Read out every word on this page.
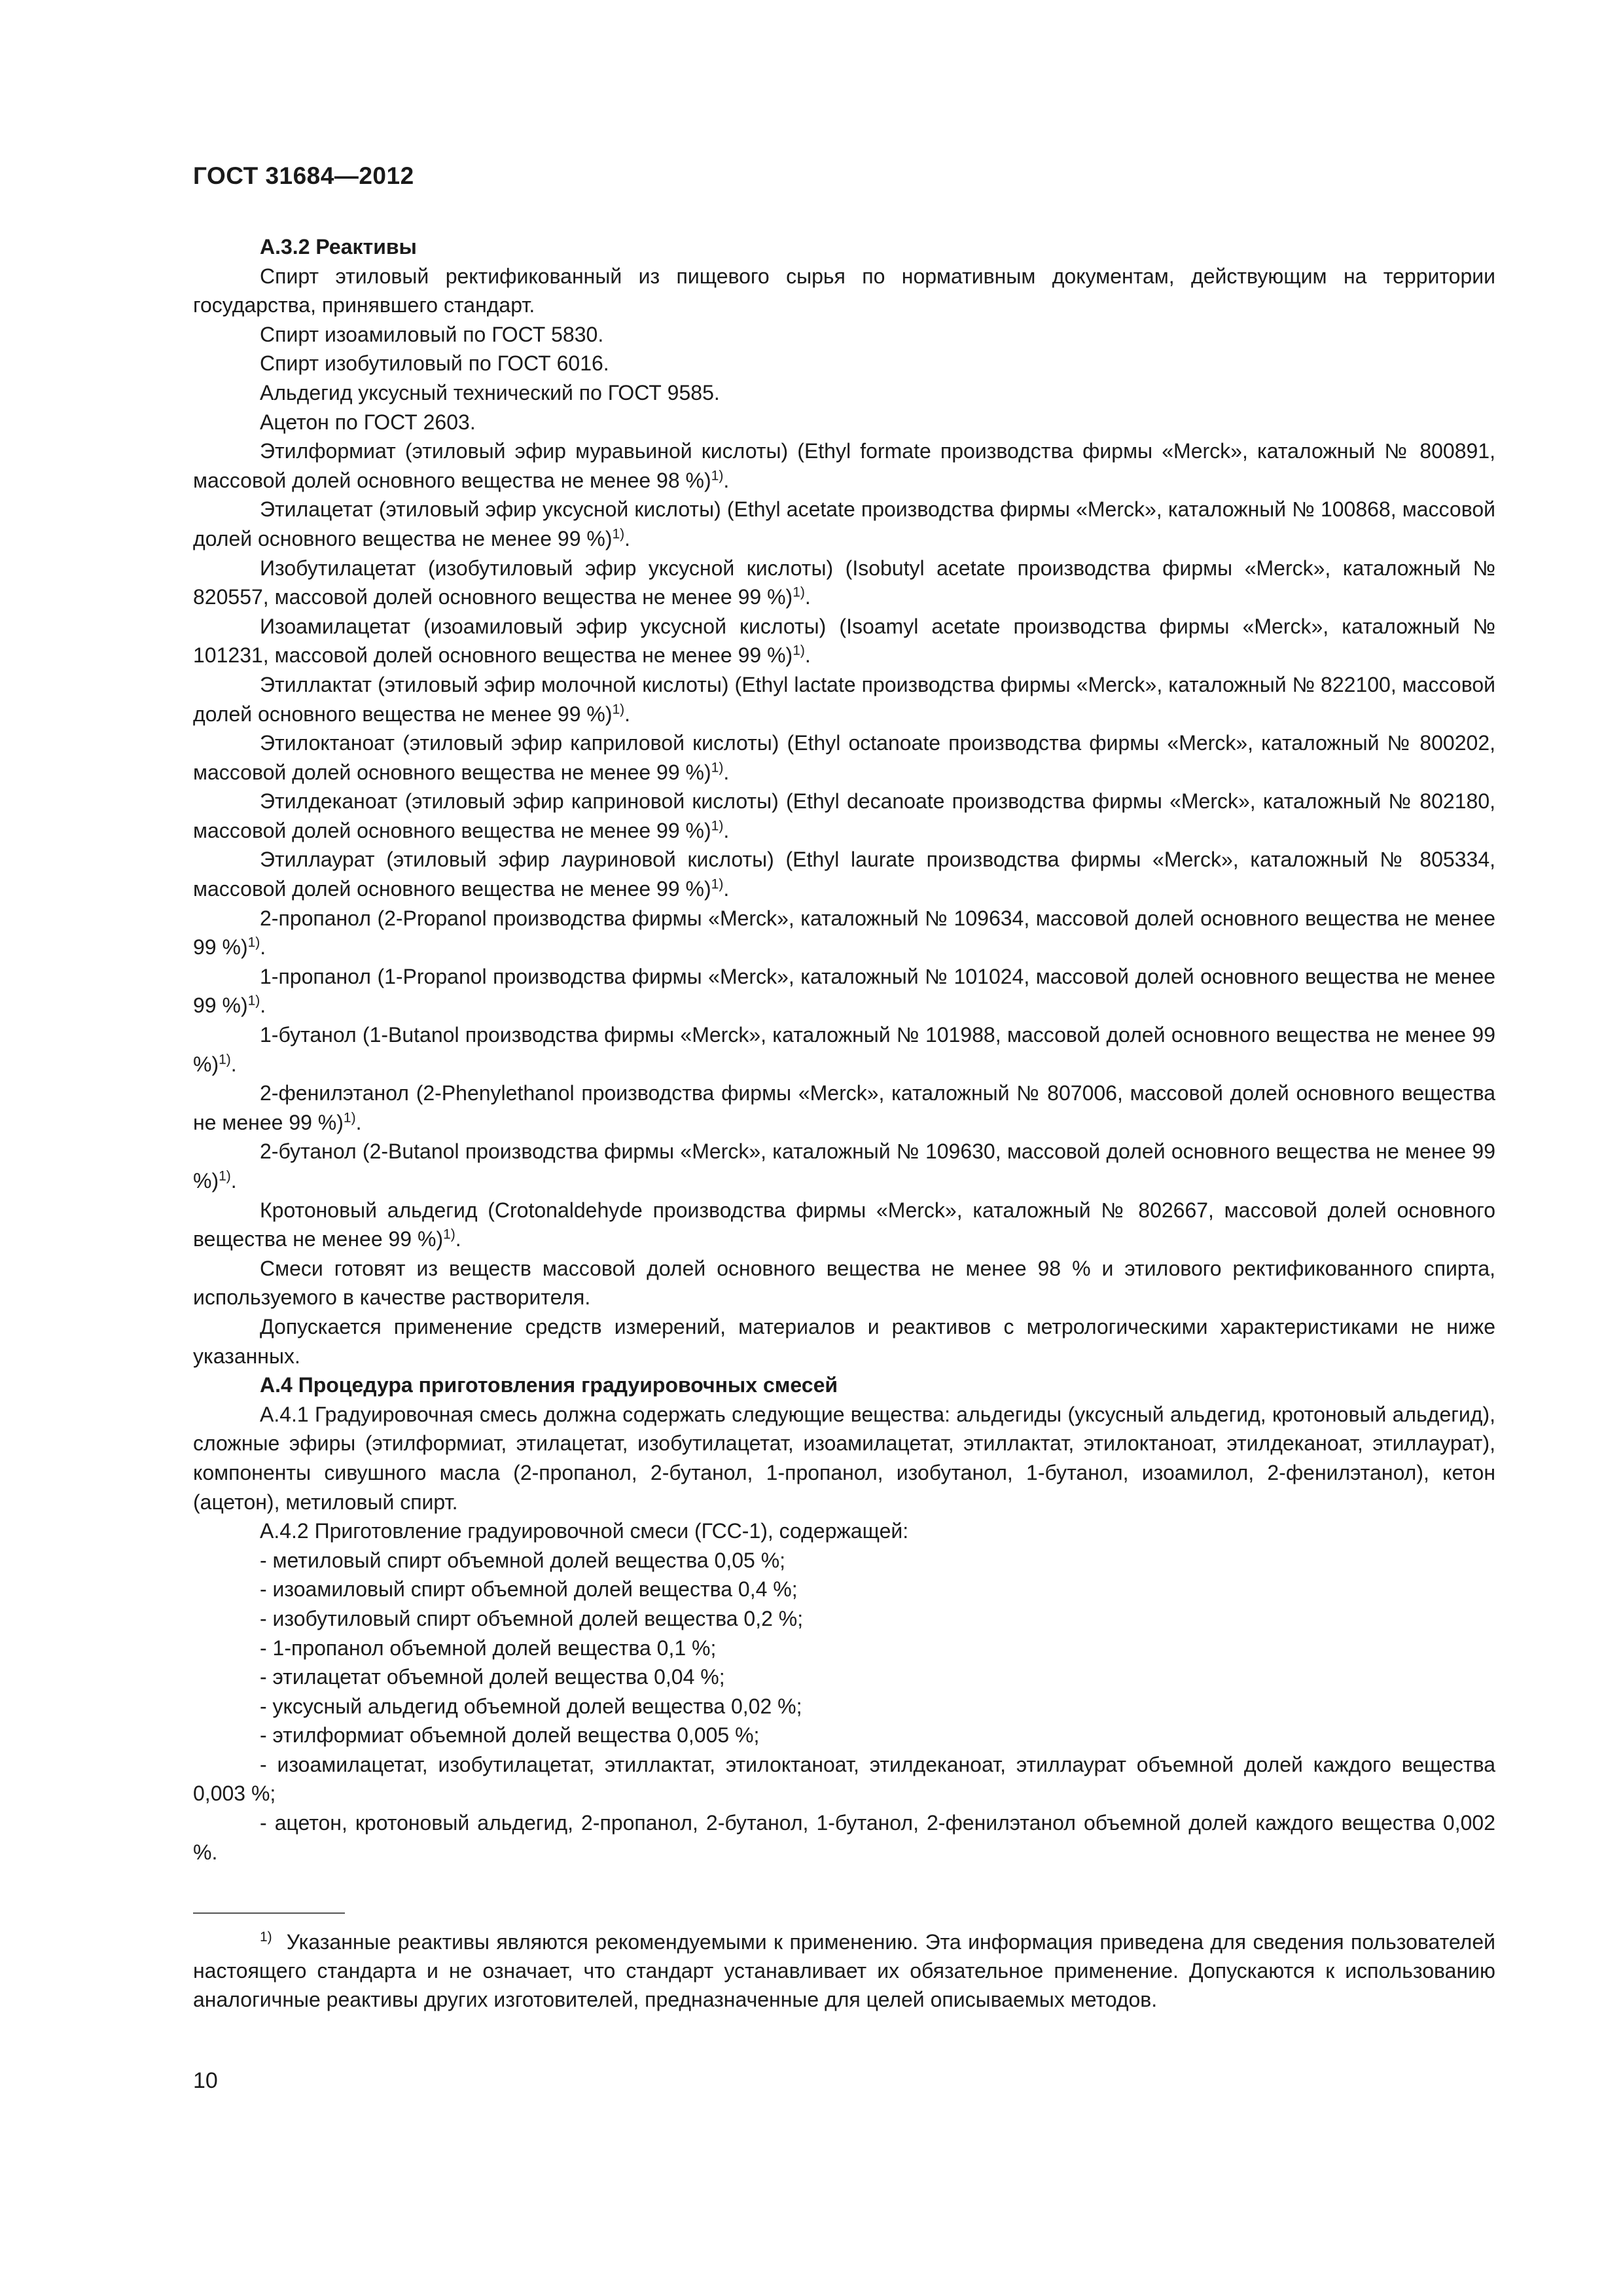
ГОСТ 31684—2012

А.3.2 Реактивы

Спирт этиловый ректификованный из пищевого сырья по нормативным документам, действующим на территории государства, принявшего стандарт.

Спирт изоамиловый по ГОСТ 5830.

Спирт изобутиловый по ГОСТ 6016.

Альдегид уксусный технический по ГОСТ 9585.

Ацетон по ГОСТ 2603.

Этилформиат (этиловый эфир муравьиной кислоты) (Ethyl formate производства фирмы «Merck», каталожный № 800891, массовой долей основного вещества не менее 98 %)$^{1)}$.

Этилацетат (этиловый эфир уксусной кислоты) (Ethyl acetate производства фирмы «Merck», каталожный № 100868, массовой долей основного вещества не менее 99 %)$^{1)}$.

Изобутилацетат (изобутиловый эфир уксусной кислоты) (Isobutyl acetate производства фирмы «Merck», каталожный № 820557, массовой долей основного вещества не менее 99 %)$^{1)}$.

Изоамилацетат (изоамиловый эфир уксусной кислоты) (Isoamyl acetate производства фирмы «Merck», каталожный № 101231, массовой долей основного вещества не менее 99 %)$^{1)}$.

Этиллактат (этиловый эфир молочной кислоты) (Ethyl lactate производства фирмы «Merck», каталожный № 822100, массовой долей основного вещества не менее 99 %)$^{1)}$.

Этилоктаноат (этиловый эфир каприловой кислоты) (Ethyl octanoate производства фирмы «Merck», каталожный № 800202, массовой долей основного вещества не менее 99 %)$^{1)}$.

Этилдеканоат (этиловый эфир каприновой кислоты) (Ethyl decanoate производства фирмы «Merck», каталожный № 802180, массовой долей основного вещества не менее 99 %)$^{1)}$.

Этиллаурат (этиловый эфир лауриновой кислоты) (Ethyl laurate производства фирмы «Merck», каталожный № 805334, массовой долей основного вещества не менее 99 %)$^{1)}$.

2-пропанол (2-Propanol производства фирмы «Merck», каталожный № 109634, массовой долей основного вещества не менее 99 %)$^{1)}$.

1-пропанол (1-Propanol производства фирмы «Merck», каталожный № 101024, массовой долей основного вещества не менее 99 %)$^{1)}$.

1-бутанол (1-Butanol производства фирмы «Merck», каталожный № 101988, массовой долей основного вещества не менее 99 %)$^{1)}$.

2-фенилэтанол (2-Phenylethanol производства фирмы «Merck», каталожный № 807006, массовой долей основного вещества не менее 99 %)$^{1)}$.

2-бутанол (2-Butanol производства фирмы «Merck», каталожный № 109630, массовой долей основного вещества не менее 99 %)$^{1)}$.

Кротоновый альдегид (Crotonaldehyde производства фирмы «Merck», каталожный № 802667, массовой долей основного вещества не менее 99 %)$^{1)}$.

Смеси готовят из веществ массовой долей основного вещества не менее 98 % и этилового ректификованного спирта, используемого в качестве растворителя.

Допускается применение средств измерений, материалов и реактивов с метрологическими характеристиками не ниже указанных.

А.4 Процедура приготовления градуировочных смесей

А.4.1 Градуировочная смесь должна содержать следующие вещества: альдегиды (уксусный альдегид, кротоновый альдегид), сложные эфиры (этилформиат, этилацетат, изобутилацетат, изоамилацетат, этиллактат, этилоктаноат, этилдеканоат, этиллаурат), компоненты сивушного масла (2-пропанол, 2-бутанол, 1-пропанол, изобутанол, 1-бутанол, изоамилол, 2-фенилэтанол), кетон (ацетон), метиловый спирт.

А.4.2 Приготовление градуировочной смеси (ГСС-1), содержащей:

- метиловый спирт объемной долей вещества 0,05 %;

- изоамиловый спирт объемной долей вещества 0,4 %;

- изобутиловый спирт объемной долей вещества 0,2 %;

- 1-пропанол объемной долей вещества 0,1 %;

- этилацетат объемной долей вещества 0,04 %;

- уксусный альдегид объемной долей вещества 0,02 %;

- этилформиат объемной долей вещества 0,005 %;

- изоамилацетат, изобутилацетат, этиллактат, этилоктаноат, этилдеканоат, этиллаурат объемной долей каждого вещества 0,003 %;

- ацетон, кротоновый альдегид, 2-пропанол, 2-бутанол, 1-бутанол, 2-фенилэтанол объемной долей каждого вещества 0,002 %.

$^{1)}$ Указанные реактивы являются рекомендуемыми к применению. Эта информация приведена для сведения пользователей настоящего стандарта и не означает, что стандарт устанавливает их обязательное применение. Допускаются к использованию аналогичные реактивы других изготовителей, предназначенные для целей описываемых методов.
10
